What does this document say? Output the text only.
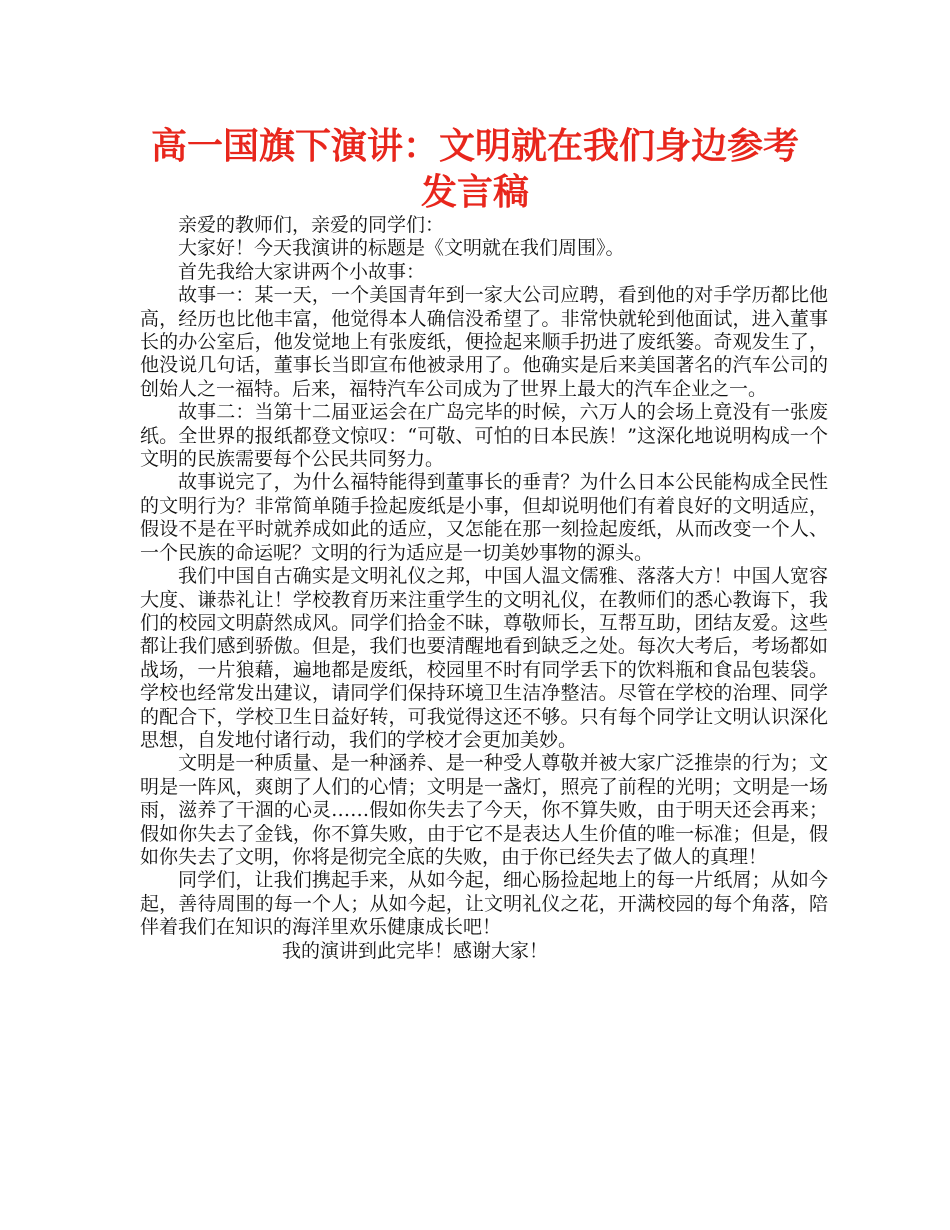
高一国旗下演讲：文明就在我们身边参考发言稿

亲爱的教师们，亲爱的同学们：

大家好！今天我演讲的标题是《文明就在我们周围》。

首先我给大家讲两个小故事：

故事一：某一天，一个美国青年到一家大公司应聘，看到他的对手学历都比他高，经历也比他丰富，他觉得本人确信没希望了。非常快就轮到他面试，进入董事长的办公室后，他发觉地上有张废纸，便捡起来顺手扔进了废纸篓。奇观发生了，他没说几句话，董事长当即宣布他被录用了。他确实是后来美国著名的汽车公司的创始人之一福特。后来，福特汽车公司成为了世界上最大的汽车企业之一。

故事二：当第十二届亚运会在广岛完毕的时候，六万人的会场上竟没有一张废纸。全世界的报纸都登文惊叹：“可敬、可怕的日本民族！”这深化地说明构成一个文明的民族需要每个公民共同努力。

故事说完了，为什么福特能得到董事长的垂青？为什么日本公民能构成全民性的文明行为？非常简单随手捡起废纸是小事，但却说明他们有着良好的文明适应，假设不是在平时就养成如此的适应，又怎能在那一刻捡起废纸，从而改变一个人、一个民族的命运呢？文明的行为适应是一切美妙事物的源头。

我们中国自古确实是文明礼仪之邦，中国人温文儒雅、落落大方！中国人宽容大度、谦恭礼让！学校教育历来注重学生的文明礼仪，在教师们的悉心教诲下，我们的校园文明蔚然成风。同学们拾金不昧，尊敬师长，互帮互助，团结友爱。这些都让我们感到骄傲。但是，我们也要清醒地看到缺乏之处。每次大考后，考场都如战场，一片狼藉，遍地都是废纸，校园里不时有同学丢下的饮料瓶和食品包装袋。学校也经常发出建议，请同学们保持环境卫生洁净整洁。尽管在学校的治理、同学的配合下，学校卫生日益好转，可我觉得这还不够。只有每个同学让文明认识深化思想，自发地付诸行动，我们的学校才会更加美妙。

文明是一种质量、是一种涵养、是一种受人尊敬并被大家广泛推崇的行为；文明是一阵风，爽朗了人们的心情；文明是一盏灯，照亮了前程的光明；文明是一场雨，滋养了干涸的心灵……假如你失去了今天，你不算失败，由于明天还会再来；假如你失去了金钱，你不算失败，由于它不是表达人生价值的唯一标准；但是，假如你失去了文明，你将是彻完全底的失败，由于你已经失去了做人的真理！

同学们，让我们携起手来，从如今起，细心肠捡起地上的每一片纸屑；从如今起，善待周围的每一个人；从如今起，让文明礼仪之花，开满校园的每个角落，陪伴着我们在知识的海洋里欢乐健康成长吧！

我的演讲到此完毕！感谢大家！
